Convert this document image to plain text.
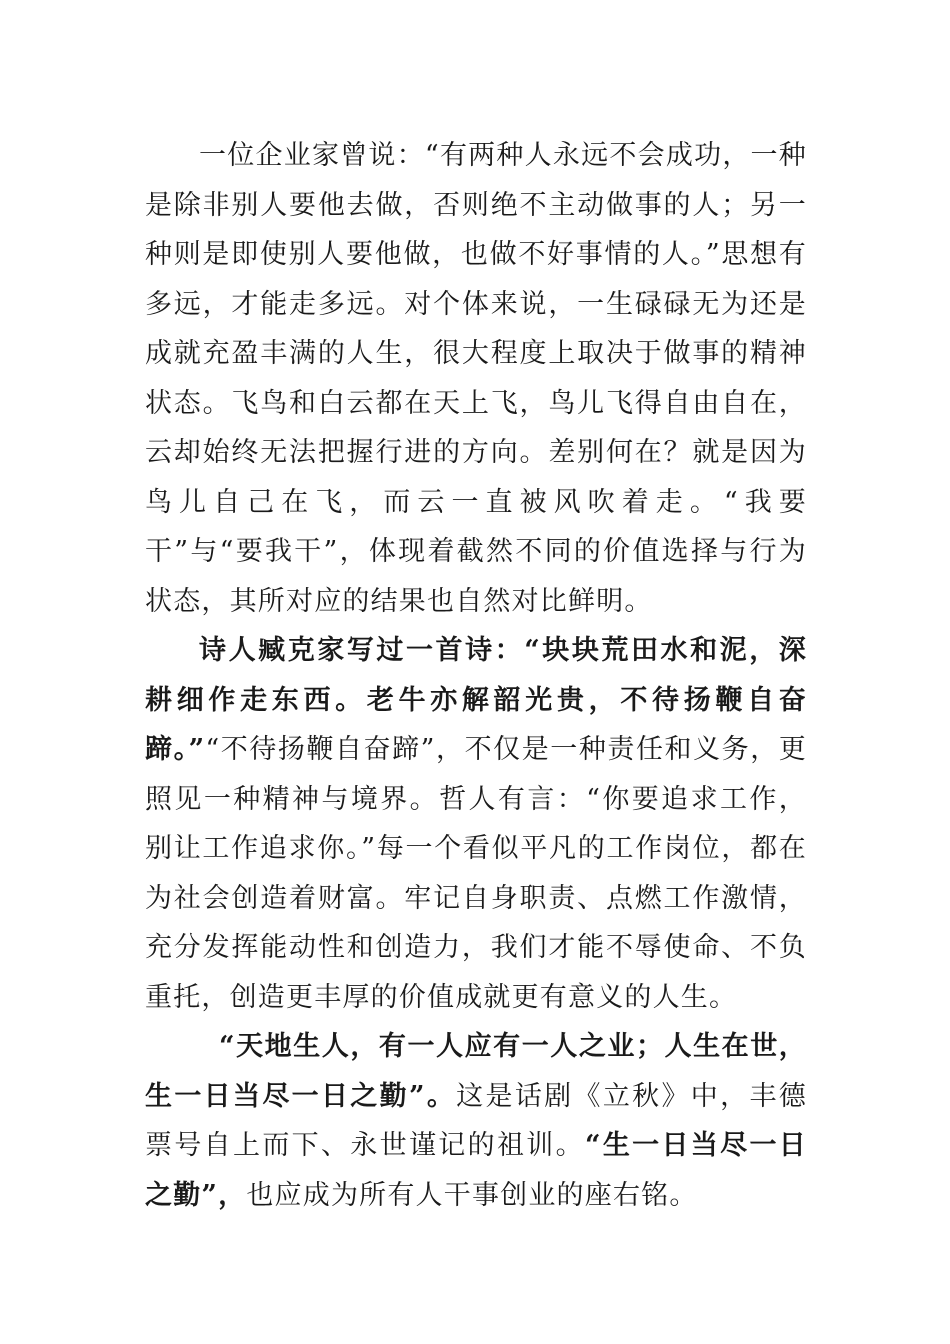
一位企业家曾说：“有两种人永远不会成功，一种是除非别人要他去做，否则绝不主动做事的人；另一种则是即使别人要他做，也做不好事情的人。”思想有多远，才能走多远。对个体来说，一生碌碌无为还是成就充盈丰满的人生，很大程度上取决于做事的精神状态。飞鸟和白云都在天上飞，鸟儿飞得自由自在，云却始终无法把握行进的方向。差别何在？就是因为鸟儿自己在飞，而云一直被风吹着走。“我要干”与“要我干”，体现着截然不同的价值选择与行为状态，其所对应的结果也自然对比鲜明。

诗人臧克家写过一首诗：“块块荒田水和泥，深耕细作走东西。老牛亦解韶光贵，不待扬鞭自奋蹄。”“不待扬鞭自奋蹄”，不仅是一种责任和义务，更照见一种精神与境界。哲人有言：“你要追求工作，别让工作追求你。”每一个看似平凡的工作岗位，都在为社会创造着财富。牢记自身职责、点燃工作激情，充分发挥能动性和创造力，我们才能不辱使命、不负重托，创造更丰厚的价值成就更有意义的人生。

“天地生人，有一人应有一人之业；人生在世，生一日当尽一日之勤”。这是话剧《立秋》中，丰德票号自上而下、永世谨记的祖训。“生一日当尽一日之勤”，也应成为所有人干事创业的座右铭。
